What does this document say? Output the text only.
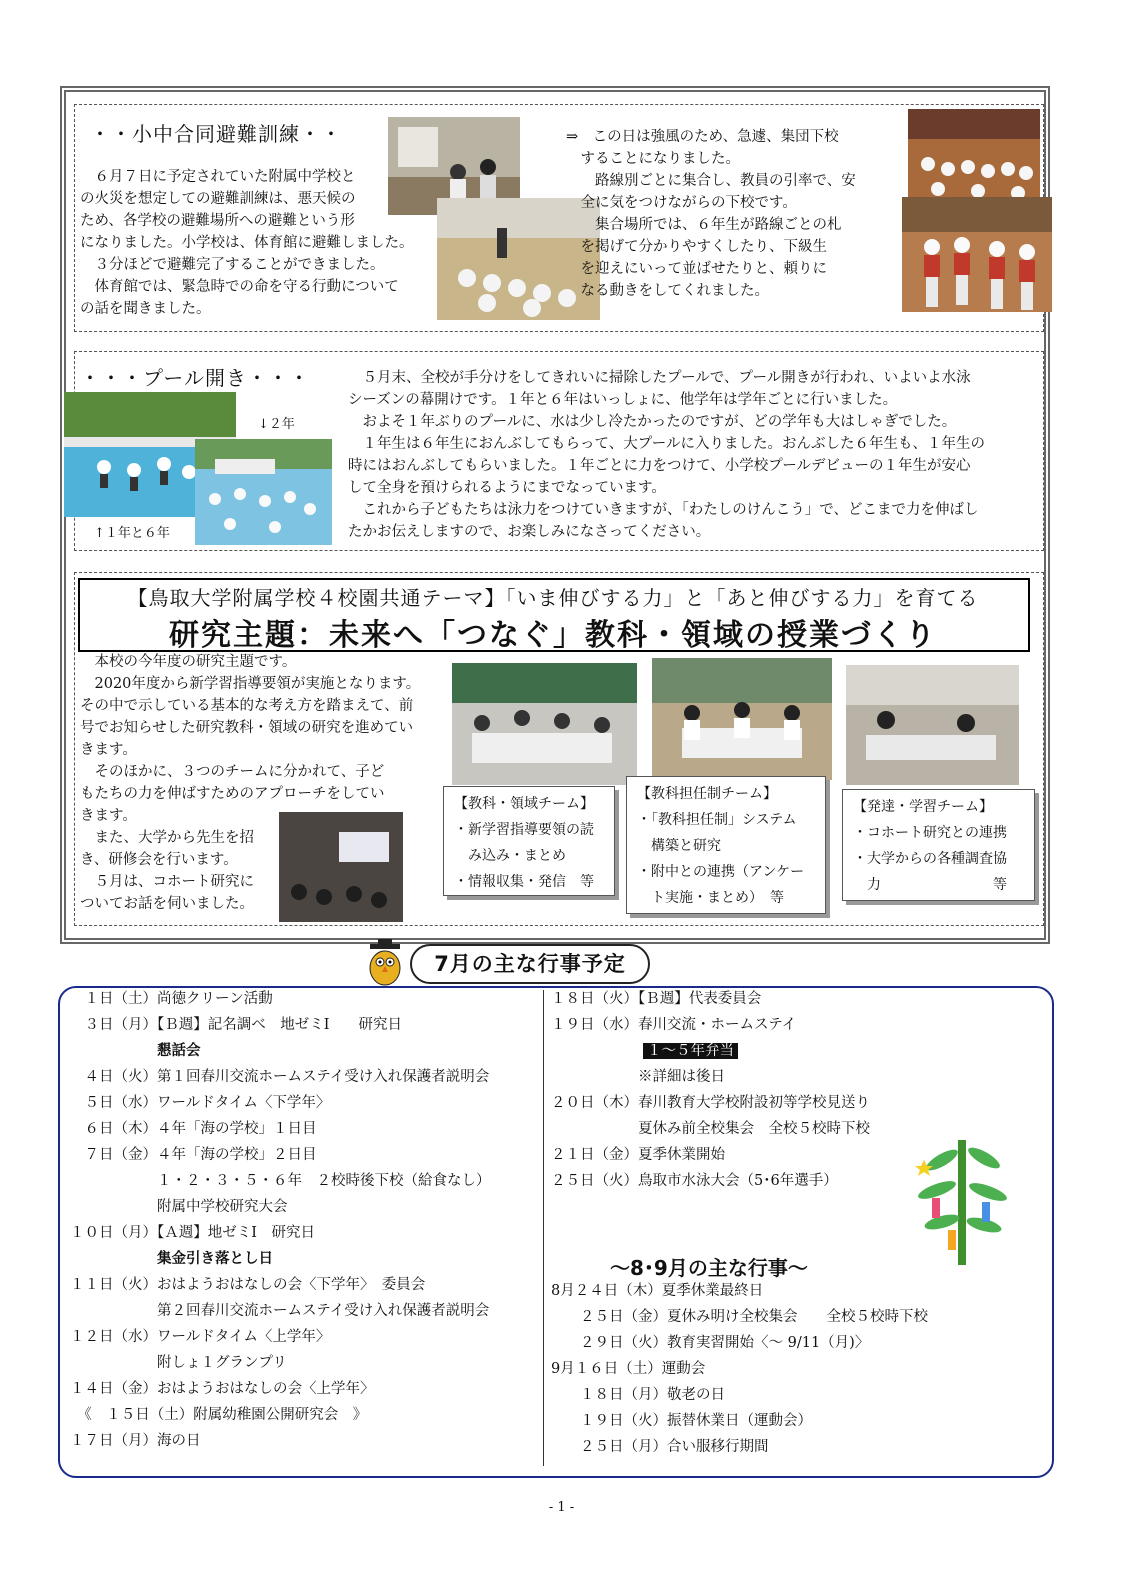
・・小中合同避難訓練・・

　６月７日に予定されていた附属中学校と

の火災を想定しての避難訓練は、悪天候の

ため、各学校の避難場所への避難という形

になりました。小学校は、体育館に避難しました。

　３分ほどで避難完了することができました。

　体育館では、緊急時での命を守る行動について

の話を聞きました。

⇒　この日は強風のため、急遽、集団下校

　することになりました。

　　路線別ごとに集合し、教員の引率で、安

　全に気をつけながらの下校です。

　　集合場所では、６年生が路線ごとの札

　を掲げて分かりやすくしたり、下級生

　を迎えにいって並ばせたりと、頼りに

　なる動きをしてくれました。

・・・プール開き・・・
↓２年
↑１年と６年

　５月末、全校が手分けをしてきれいに掃除したプールで、プール開きが行われ、いよいよ水泳

シーズンの幕開けです。１年と６年はいっしょに、他学年は学年ごとに行いました。

　およそ１年ぶりのプールに、水は少し冷たかったのですが、どの学年も大はしゃぎでした。

　１年生は６年生におんぶしてもらって、大プールに入りました。おんぶした６年生も、１年生の

時にはおんぶしてもらいました。１年ごとに力をつけて、小学校プールデビューの１年生が安心

して全身を預けられるようにまでなっています。

　これから子どもたちは泳力をつけていきますが、「わたしのけんこう」で、どこまで力を伸ばし

たかお伝えしますので、お楽しみになさってください。

【鳥取大学附属学校４校園共通テーマ】「いま伸びする力」と「あと伸びする力」を育てる
研究主題：未来へ「つなぐ」教科・領域の授業づくり

　本校の今年度の研究主題です。

　2020年度から新学習指導要領が実施となります。

その中で示している基本的な考え方を踏まえて、前

号でお知らせした研究教科・領域の研究を進めてい

きます。

　そのほかに、３つのチームに分かれて、子ど

もたちの力を伸ばすためのアプローチをしてい

きます。

　また、大学から先生を招

き、研修会を行います。

　５月は、コホート研究に

ついてお話を伺いました。

【教科・領域チーム】
・新学習指導要領の読
　み込み・まとめ
・情報収集・発信　等
【教科担任制チーム】
・「教科担任制」システム
　構築と研究
・附中との連携（アンケー
　ト実施・まとめ）　等
【発達・学習チーム】
・コホート研究との連携
・大学からの各種調査協
　力　　　　　　　　等
7月の主な行事予定
　１日（土）尚徳クリーン活動
　３日（月）【Ｂ週】記名調べ　地ゼミⅠ　　研究日
　　　　　　懇話会
　４日（火）第１回春川交流ホームステイ受け入れ保護者説明会
　５日（水）ワールドタイム〈下学年〉
　６日（木）４年「海の学校」１日目
　７日（金）４年「海の学校」２日目
　　　　　　１・２・３・５・６年　２校時後下校（給食なし）
　　　　　　附属中学校研究大会
１０日（月）【Ａ週】地ゼミⅠ　研究日
　　　　　　集金引き落とし日
１１日（火）おはようおはなしの会〈下学年〉　委員会
　　　　　　第２回春川交流ホームステイ受け入れ保護者説明会
１２日（水）ワールドタイム〈上学年〉
　　　　　　附しょ１グランプリ
１４日（金）おはようおはなしの会〈上学年〉
　《　１５日（土）附属幼稚園公開研究会　》
１７日（月）海の日
１８日（火）【Ｂ週】代表委員会
１９日（水）春川交流・ホームステイ
１～５年弁当
　　　　　　※詳細は後日
２０日（木）春川教育大学校附設初等学校見送り
　　　　　　夏休み前全校集会　全校５校時下校
２１日（金）夏季休業開始
２５日（火）鳥取市水泳大会（5･6年選手）
～8･9月の主な行事～
8月２４日（木）夏季休業最終日
　　２５日（金）夏休み明け全校集会　　全校５校時下校
　　２９日（火）教育実習開始〈～ 9/11（月)〉
9月１６日（土）運動会
　　１８日（月）敬老の日
　　１９日（火）振替休業日（運動会）
　　２５日（月）合い服移行期間
- 1 -
